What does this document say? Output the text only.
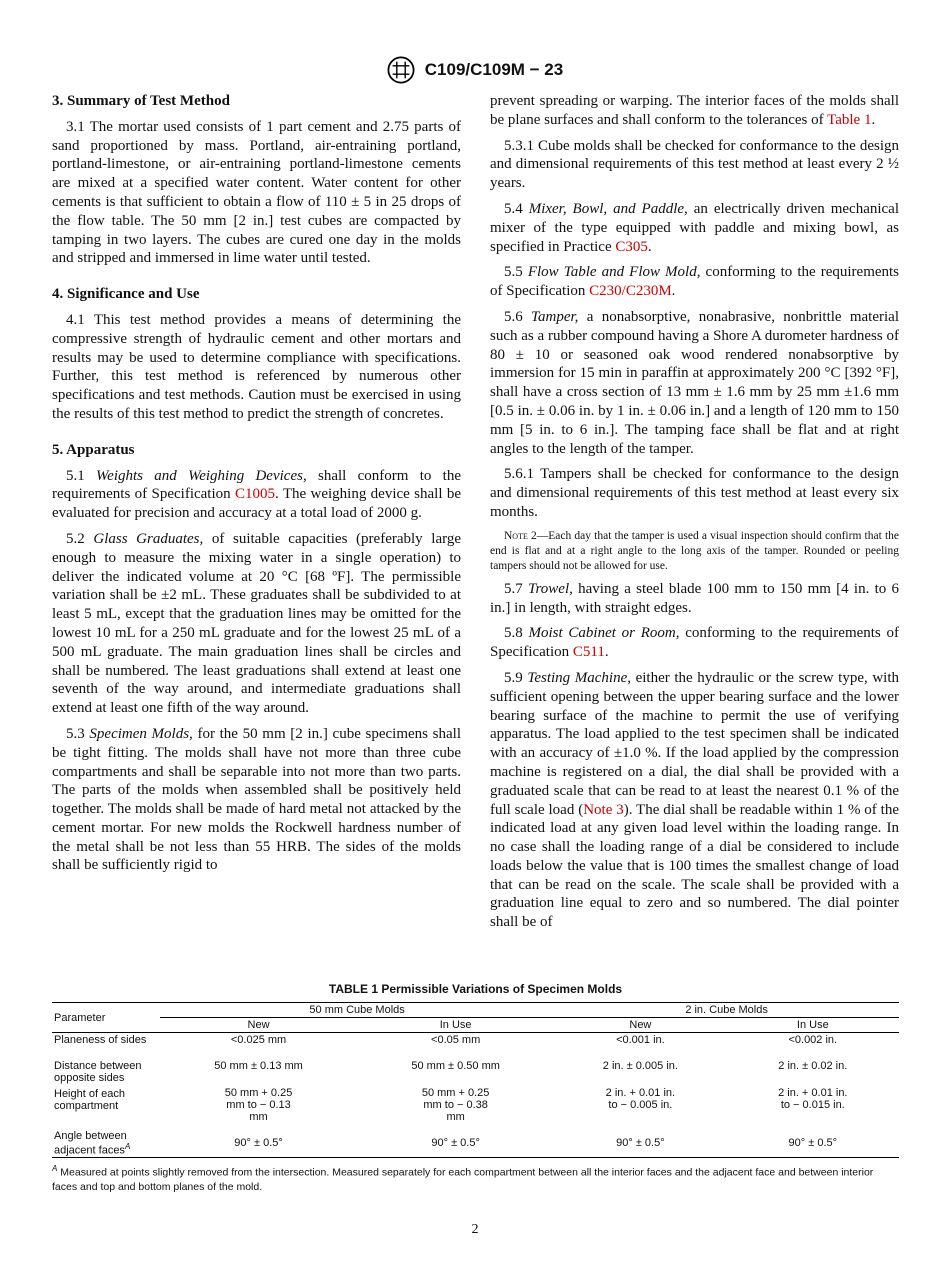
C109/C109M − 23
3. Summary of Test Method

3.1 The mortar used consists of 1 part cement and 2.75 parts of sand proportioned by mass. Portland, air-entraining portland, portland-limestone, or air-entraining portland-limestone cements are mixed at a specified water content. Water content for other cements is that sufficient to obtain a flow of 110 ± 5 in 25 drops of the flow table. The 50 mm [2 in.] test cubes are compacted by tamping in two layers. The cubes are cured one day in the molds and stripped and immersed in lime water until tested.

4. Significance and Use

4.1 This test method provides a means of determining the compressive strength of hydraulic cement and other mortars and results may be used to determine compliance with specifications. Further, this test method is referenced by numerous other specifications and test methods. Caution must be exercised in using the results of this test method to predict the strength of concretes.

5. Apparatus

5.1 Weights and Weighing Devices, shall conform to the requirements of Specification C1005. The weighing device shall be evaluated for precision and accuracy at a total load of 2000 g.

5.2 Glass Graduates, of suitable capacities (preferably large enough to measure the mixing water in a single operation) to deliver the indicated volume at 20 °C [68 ºF]. The permissible variation shall be ±2 mL. These graduates shall be subdivided to at least 5 mL, except that the graduation lines may be omitted for the lowest 10 mL for a 250 mL graduate and for the lowest 25 mL of a 500 mL graduate. The main graduation lines shall be circles and shall be numbered. The least graduations shall extend at least one seventh of the way around, and intermediate graduations shall extend at least one fifth of the way around.

5.3 Specimen Molds, for the 50 mm [2 in.] cube specimens shall be tight fitting. The molds shall have not more than three cube compartments and shall be separable into not more than two parts. The parts of the molds when assembled shall be positively held together. The molds shall be made of hard metal not attacked by the cement mortar. For new molds the Rockwell hardness number of the metal shall be not less than 55 HRB. The sides of the molds shall be sufficiently rigid to

prevent spreading or warping. The interior faces of the molds shall be plane surfaces and shall conform to the tolerances of Table 1.

5.3.1 Cube molds shall be checked for conformance to the design and dimensional requirements of this test method at least every 2 ½ years.

5.4 Mixer, Bowl, and Paddle, an electrically driven mechanical mixer of the type equipped with paddle and mixing bowl, as specified in Practice C305.

5.5 Flow Table and Flow Mold, conforming to the requirements of Specification C230/C230M.

5.6 Tamper, a nonabsorptive, nonabrasive, nonbrittle material such as a rubber compound having a Shore A durometer hardness of 80 ± 10 or seasoned oak wood rendered nonabsorptive by immersion for 15 min in paraffin at approximately 200 °C [392 °F], shall have a cross section of 13 mm ± 1.6 mm by 25 mm ±1.6 mm [0.5 in. ± 0.06 in. by 1 in. ± 0.06 in.] and a length of 120 mm to 150 mm [5 in. to 6 in.]. The tamping face shall be flat and at right angles to the length of the tamper.

5.6.1 Tampers shall be checked for conformance to the design and dimensional requirements of this test method at least every six months.

Note 2—Each day that the tamper is used a visual inspection should confirm that the end is flat and at a right angle to the long axis of the tamper. Rounded or peeling tampers should not be allowed for use.

5.7 Trowel, having a steel blade 100 mm to 150 mm [4 in. to 6 in.] in length, with straight edges.

5.8 Moist Cabinet or Room, conforming to the requirements of Specification C511.

5.9 Testing Machine, either the hydraulic or the screw type, with sufficient opening between the upper bearing surface and the lower bearing surface of the machine to permit the use of verifying apparatus. The load applied to the test specimen shall be indicated with an accuracy of ±1.0 %. If the load applied by the compression machine is registered on a dial, the dial shall be provided with a graduated scale that can be read to at least the nearest 0.1 % of the full scale load (Note 3). The dial shall be readable within 1 % of the indicated load at any given load level within the loading range. In no case shall the loading range of a dial be considered to include loads below the value that is 100 times the smallest change of load that can be read on the scale. The scale shall be provided with a graduation line equal to zero and so numbered. The dial pointer shall be of

TABLE 1 Permissible Variations of Specimen Molds
Parameter	50 mm Cube Molds		2 in. Cube Molds	
	New	In Use	New	In Use
Planeness of sides	<0.025 mm	<0.05 mm	<0.001 in.	<0.002 in.
Distance between opposite sides	50 mm ± 0.13 mm	50 mm ± 0.50 mm	2 in. ± 0.005 in.	2 in. ± 0.02 in.
Height of each compartment	50 mm + 0.25 mm to − 0.13 mm	50 mm + 0.25 mm to − 0.38 mm	2 in. + 0.01 in. to − 0.005 in.	2 in. + 0.01 in. to − 0.015 in.
Angle between adjacent faces$^A$	90° ± 0.5°	90° ± 0.5°	90° ± 0.5°	90° ± 0.5°
$^A$ Measured at points slightly removed from the intersection. Measured separately for each compartment between all the interior faces and the adjacent face and between interior faces and top and bottom planes of the mold.
2
